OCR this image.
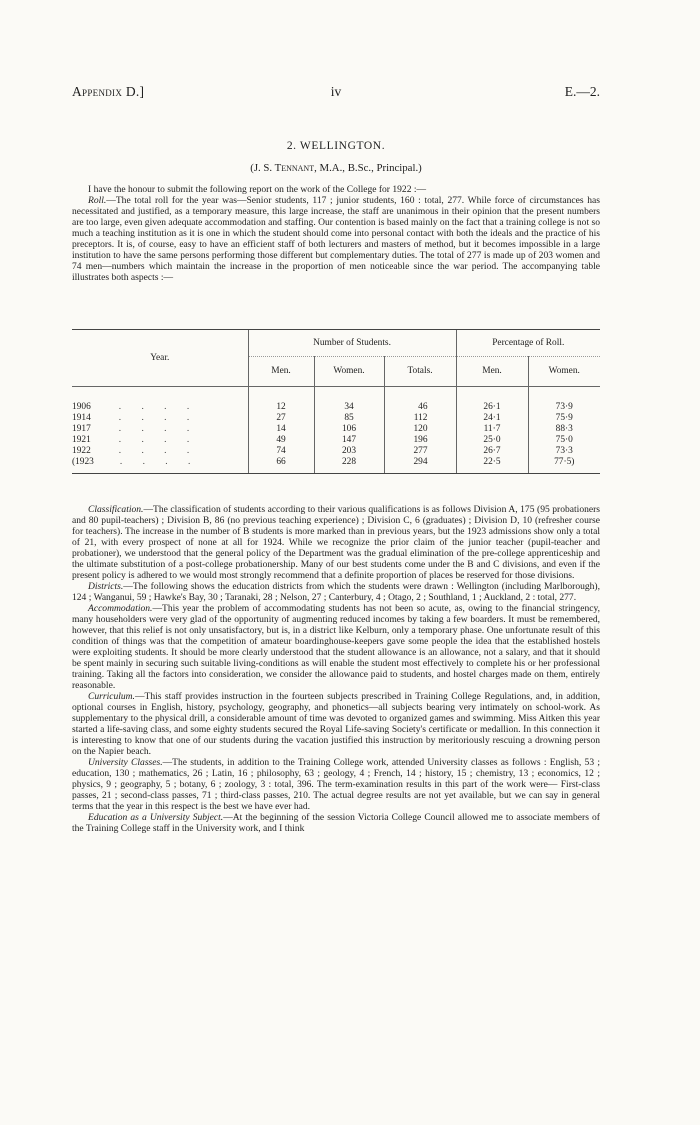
Appendix D.]	iv	E.—2.
2. WELLINGTON.
(J. S. Tennant, M.A., B.Sc., Principal.)

I have the honour to submit the following report on the work of the College for 1922 :—

Roll.—The total roll for the year was—Senior students, 117 ; junior students, 160 : total, 277. While force of circumstances has necessitated and justified, as a temporary measure, this large increase, the staff are unanimous in their opinion that the present numbers are too large, even given adequate accommodation and staffing. Our contention is based mainly on the fact that a training college is not so much a teaching institution as it is one in which the student should come into personal contact with both the ideals and the practice of his preceptors. It is, of course, easy to have an efficient staff of both lecturers and masters of method, but it becomes impossible in a large institution to have the same persons performing those different but complementary duties. The total of 277 is made up of 203 women and 74 men—numbers which maintain the increase in the proportion of men noticeable since the war period. The accompanying table illustrates both aspects :—

Year.	Number of Students.			Percentage of Roll.	
	Men.	Women.	Totals.	Men.	Women.

1906 . . . .	12	34	46	26·1	73·9
1914 . . . .	27	85	112	24·1	75·9
1917 . . . .	14	106	120	11·7	88·3
1921 . . . .	49	147	196	25·0	75·0
1922 . . . .	74	203	277	26·7	73·3
(1923 . . . .	66	228	294	22·5	77·5)

Classification.—The classification of students according to their various qualifications is as follows Division A, 175 (95 probationers and 80 pupil-teachers) ; Division B, 86 (no previous teaching experience) ; Division C, 6 (graduates) ; Division D, 10 (refresher course for teachers). The increase in the number of B students is more marked than in previous years, but the 1923 admissions show only a total of 21, with every prospect of none at all for 1924. While we recognize the prior claim of the junior teacher (pupil-teacher and probationer), we understood that the general policy of the Department was the gradual elimination of the pre-college apprenticeship and the ultimate substitution of a post-college probationership. Many of our best students come under the B and C divisions, and even if the present policy is adhered to we would most strongly recommend that a definite proportion of places be reserved for those divisions.

Districts.—The following shows the education districts from which the students were drawn : Wellington (including Marlborough), 124 ; Wanganui, 59 ; Hawke's Bay, 30 ; Taranaki, 28 ; Nelson, 27 ; Canterbury, 4 ; Otago, 2 ; Southland, 1 ; Auckland, 2 : total, 277.

Accommodation.—This year the problem of accommodating students has not been so acute, as, owing to the financial stringency, many householders were very glad of the opportunity of augmenting reduced incomes by taking a few boarders. It must be remembered, however, that this relief is not only unsatisfactory, but is, in a district like Kelburn, only a temporary phase. One unfortunate result of this condition of things was that the competition of amateur boardinghouse-keepers gave some people the idea that the established hostels were exploiting students. It should be more clearly understood that the student allowance is an allowance, not a salary, and that it should be spent mainly in securing such suitable living-conditions as will enable the student most effectively to complete his or her professional training. Taking all the factors into consideration, we consider the allowance paid to students, and hostel charges made on them, entirely reasonable.

Curriculum.—This staff provides instruction in the fourteen subjects prescribed in Training College Regulations, and, in addition, optional courses in English, history, psychology, geography, and phonetics—all subjects bearing very intimately on school-work. As supplementary to the physical drill, a considerable amount of time was devoted to organized games and swimming. Miss Aitken this year started a life-saving class, and some eighty students secured the Royal Life-saving Society's certificate or medallion. In this connection it is interesting to know that one of our students during the vacation justified this instruction by meritoriously rescuing a drowning person on the Napier beach.

University Classes.—The students, in addition to the Training College work, attended University classes as follows : English, 53 ; education, 130 ; mathematics, 26 ; Latin, 16 ; philosophy, 63 ; geology, 4 ; French, 14 ; history, 15 ; chemistry, 13 ; economics, 12 ; physics, 9 ; geography, 5 ; botany, 6 ; zoology, 3 : total, 396. The term-examination results in this part of the work were— First-class passes, 21 ; second-class passes, 71 ; third-class passes, 210. The actual degree results are not yet available, but we can say in general terms that the year in this respect is the best we have ever had.

Education as a University Subject.—At the beginning of the session Victoria College Council allowed me to associate members of the Training College staff in the University work, and I think
